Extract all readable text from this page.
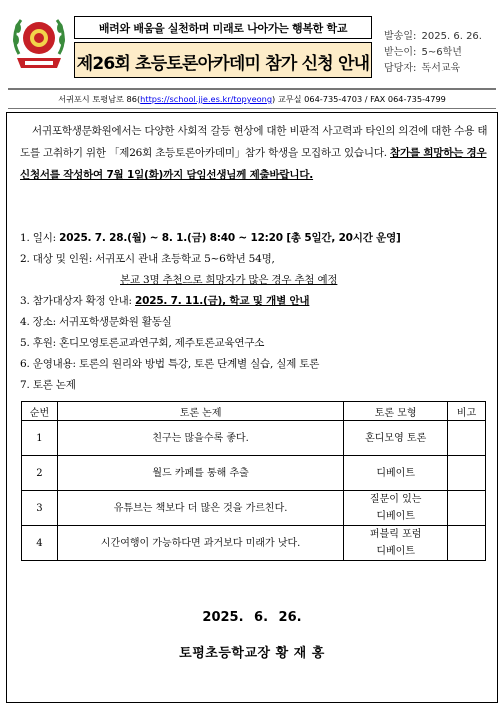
배려와 배움을 실천하며 미래로 나아가는 행복한 학교
제26회 초등토론아카데미 참가 신청 안내
발송일: 2025. 6. 26.
받는이: 5~6학년
담당자: 독서교육
서귀포시 토평남로 86(https://school.jje.es.kr/topyeong) 교무실 064-735-4703 / FAX 064-735-4799
서귀포학생문화원에서는 다양한 사회적 갈등 현상에 대한 비판적 사고력과 타인의 의견에 대한 수용 태도를 고취하기 위한 「제26회 초등토론아카데미」참가 학생을 모집하고 있습니다. 참가를 희망하는 경우 신청서를 작성하여 7월 1일(화)까지 담임선생님께 제출바랍니다.
1. 일시: 2025. 7. 28.(월) ~ 8. 1.(금) 8:40 ~ 12:20 [총 5일간, 20시간 운영]
2. 대상 및 인원: 서귀포시 관내 초등학교 5~6학년 54명,
본교 3명 추천으로 희망자가 많은 경우 추첨 예정
3. 참가대상자 확정 안내: 2025. 7. 11.(금), 학교 및 개별 안내
4. 장소: 서귀포학생문화원 활동실
5. 후원: 혼디모영토론교과연구회, 제주토론교육연구소
6. 운영내용: 토론의 원리와 방법 특강, 토론 단계별 실습, 실제 토론
7. 토론 논제
순번	토론 논제	토론 모형	비고
1	친구는 많을수록 좋다.	혼디모영 토론	

2	월드 카페를 통해 추출	디베이트	

3	유튜브는 책보다 더 많은 것을 가르친다.	질문이 있는
디베이트	

4	시간여행이 가능하다면 과거보다 미래가 낫다.	퍼블릭 포럼
디베이트	

2025. 6. 26.
토평초등학교장 황 재 홍
